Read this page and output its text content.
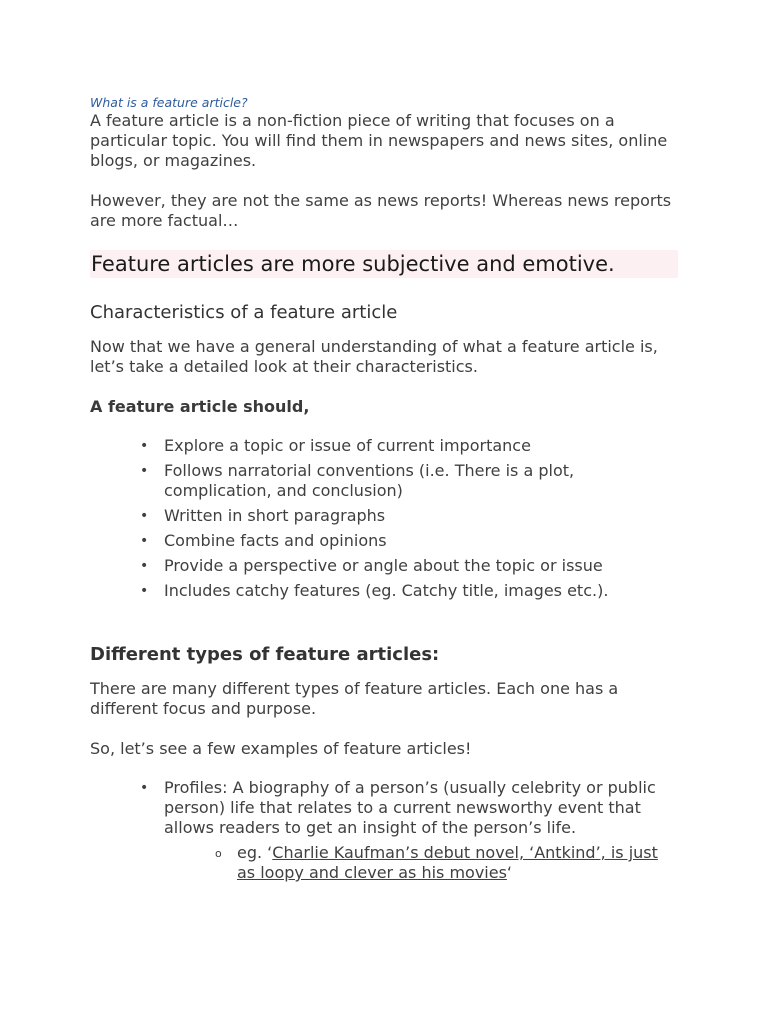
What is a feature article?

A feature article is a non-fiction piece of writing that focuses on a particular topic. You will find them in newspapers and news sites, online blogs, or magazines.

However, they are not the same as news reports! Whereas news reports are more factual…

Feature articles are more subjective and emotive.
Characteristics of a feature article

Now that we have a general understanding of what a feature article is, let’s take a detailed look at their characteristics.

A feature article should,
• Explore a topic or issue of current importance
• Follows narratorial conventions (i.e. There is a plot, complication, and conclusion)
• Written in short paragraphs
• Combine facts and opinions
• Provide a perspective or angle about the topic or issue
• Includes catchy features (eg. Catchy title, images etc.).
Different types of feature articles:

There are many different types of feature articles. Each one has a different focus and purpose.

So, let’s see a few examples of feature articles!

• Profiles: A biography of a person’s (usually celebrity or public person) life that relates to a current newsworthy event that allows readers to get an insight of the person’s life.
o eg. ‘Charlie Kaufman’s debut novel, ‘Antkind’, is just as loopy and clever as his movies‘
